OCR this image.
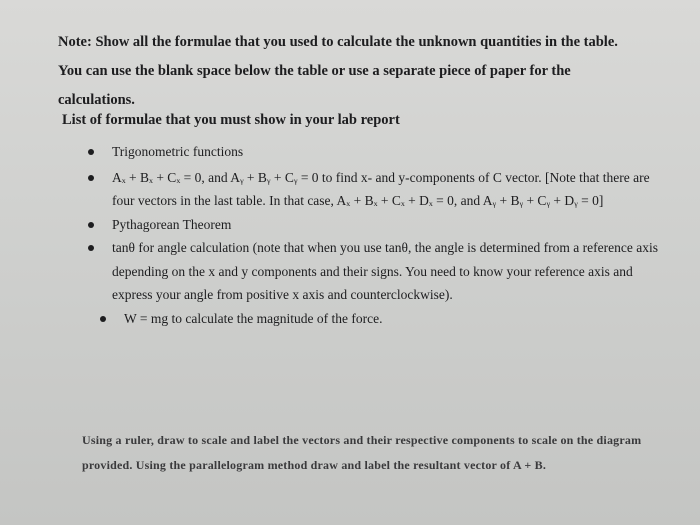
Note: Show all the formulae that you used to calculate the unknown quantities in the table.
You can use the blank space below the table or use a separate piece of paper for the
calculations.

List of formulae that you must show in your lab report

Trigonometric functions
Aₓ + Bₓ + Cₓ = 0, and Aᵧ + Bᵧ + Cᵧ = 0 to find x- and y-components of C vector. [Note that there are four vectors in the last table. In that case, Aₓ + Bₓ + Cₓ + Dₓ = 0, and Aᵧ + Bᵧ + Cᵧ + Dᵧ = 0]
Pythagorean Theorem
tanθ for angle calculation (note that when you use tanθ, the angle is determined from a reference axis depending on the x and y components and their signs. You need to know your reference axis and express your angle from positive x axis and counterclockwise).
W = mg to calculate the magnitude of the force.

Using a ruler, draw to scale and label the vectors and their respective components to scale on the diagram provided. Using the parallelogram method draw and label the resultant vector of A + B.
